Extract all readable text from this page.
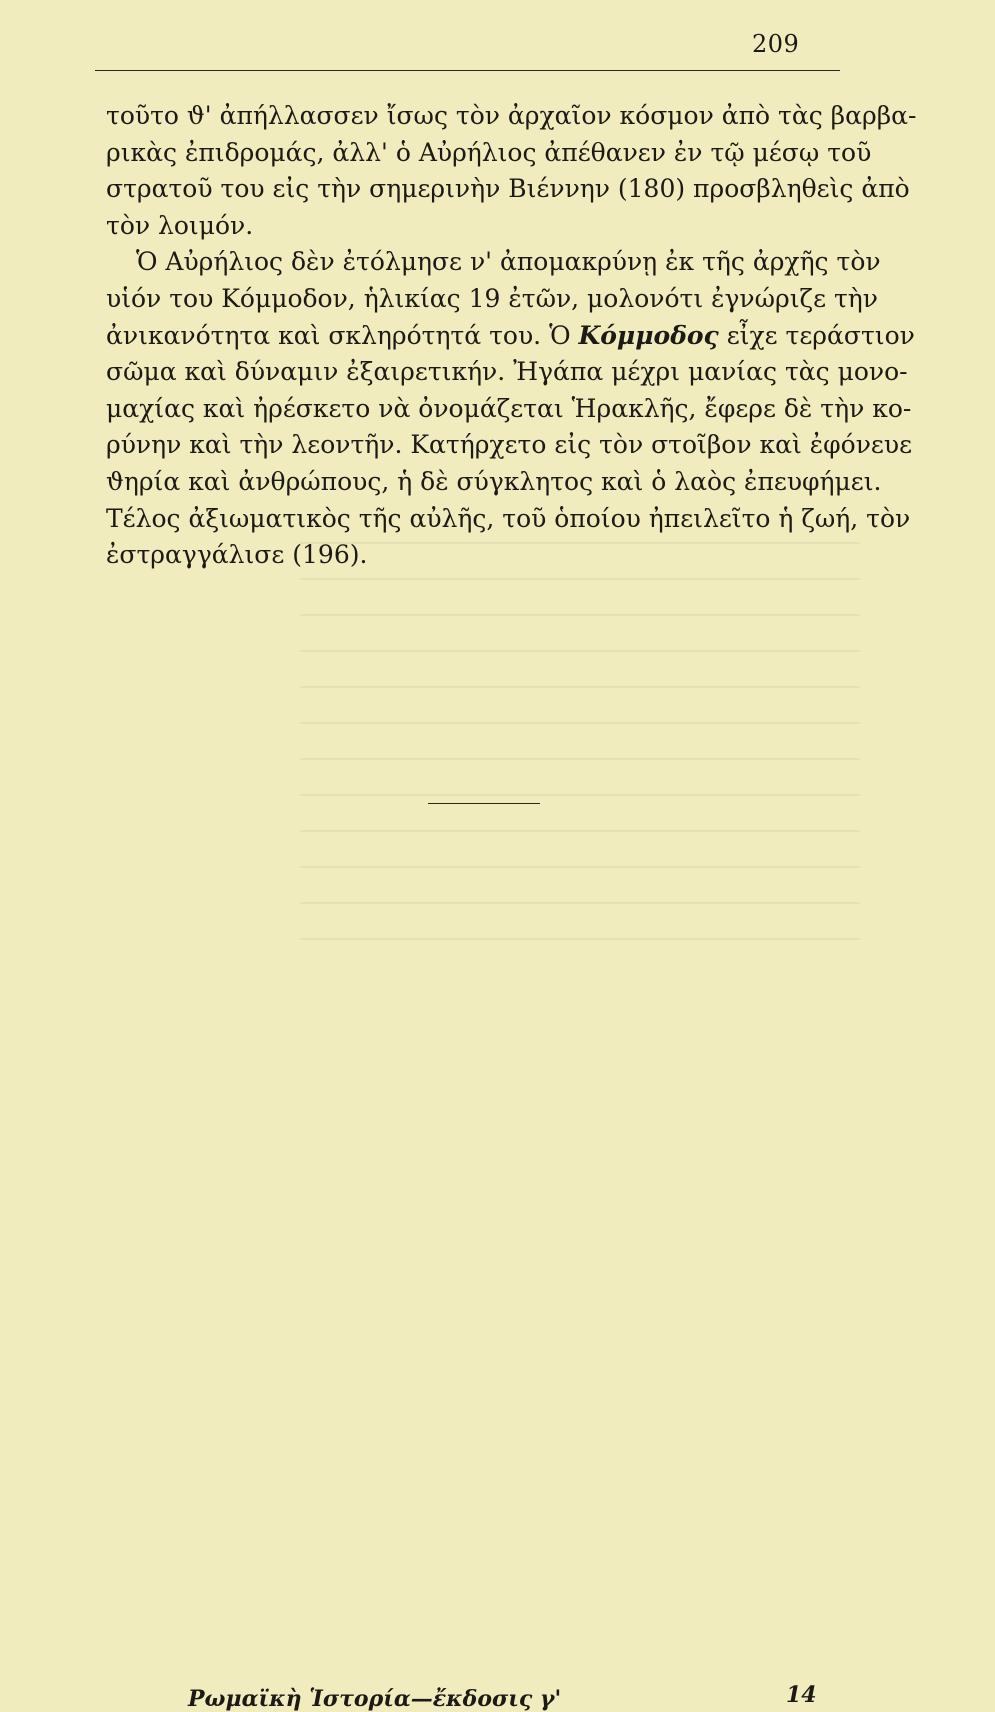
209
τοῦτο ϑ' ἀπήλλασσεν ἴσως τὸν ἀρχαῖον κόσμον ἀπὸ τὰς βαρβα-
ρικὰς ἐπιδρομάς, ἀλλ' ὁ Αὐρήλιος ἀπέθανεν ἐν τῷ μέσῳ τοῦ
στρατοῦ του εἰς τὴν σημερινὴν Βιέννην (180) προσβληθεὶς ἀπὸ
τὸν λοιμόν.
Ὁ Αὐρήλιος δὲν ἐτόλμησε ν' ἀπομακρύνῃ ἐκ τῆς ἀρχῆς τὸν
υἱόν του Κόμμοδον, ἡλικίας 19 ἐτῶν, μολονότι ἐγνώριζε τὴν
ἀνικανότητα καὶ σκληρότητά του. Ὁ Κόμμοδος εἶχε τεράστιον
σῶμα καὶ δύναμιν ἐξαιρετικήν. Ἠγάπα μέχρι μανίας τὰς μονο-
μαχίας καὶ ἠρέσκετο νὰ ὀνομάζεται Ἡρακλῆς, ἔφερε δὲ τὴν κο-
ρύνην καὶ τὴν λεοντῆν. Κατήρχετο εἰς τὸν στοῖβον καὶ ἐφόνευε
ϑηρία καὶ ἀνθρώπους, ἡ δὲ σύγκλητος καὶ ὁ λαὸς ἐπευφήμει.
Τέλος ἀξιωματικὸς τῆς αὐλῆς, τοῦ ὁποίου ἠπειλεῖτο ἡ ζωή, τὸν
ἐστραγγάλισε (196).
Ρωμαϊκὴ Ἱστορία—ἔκδοσις γ'	14
